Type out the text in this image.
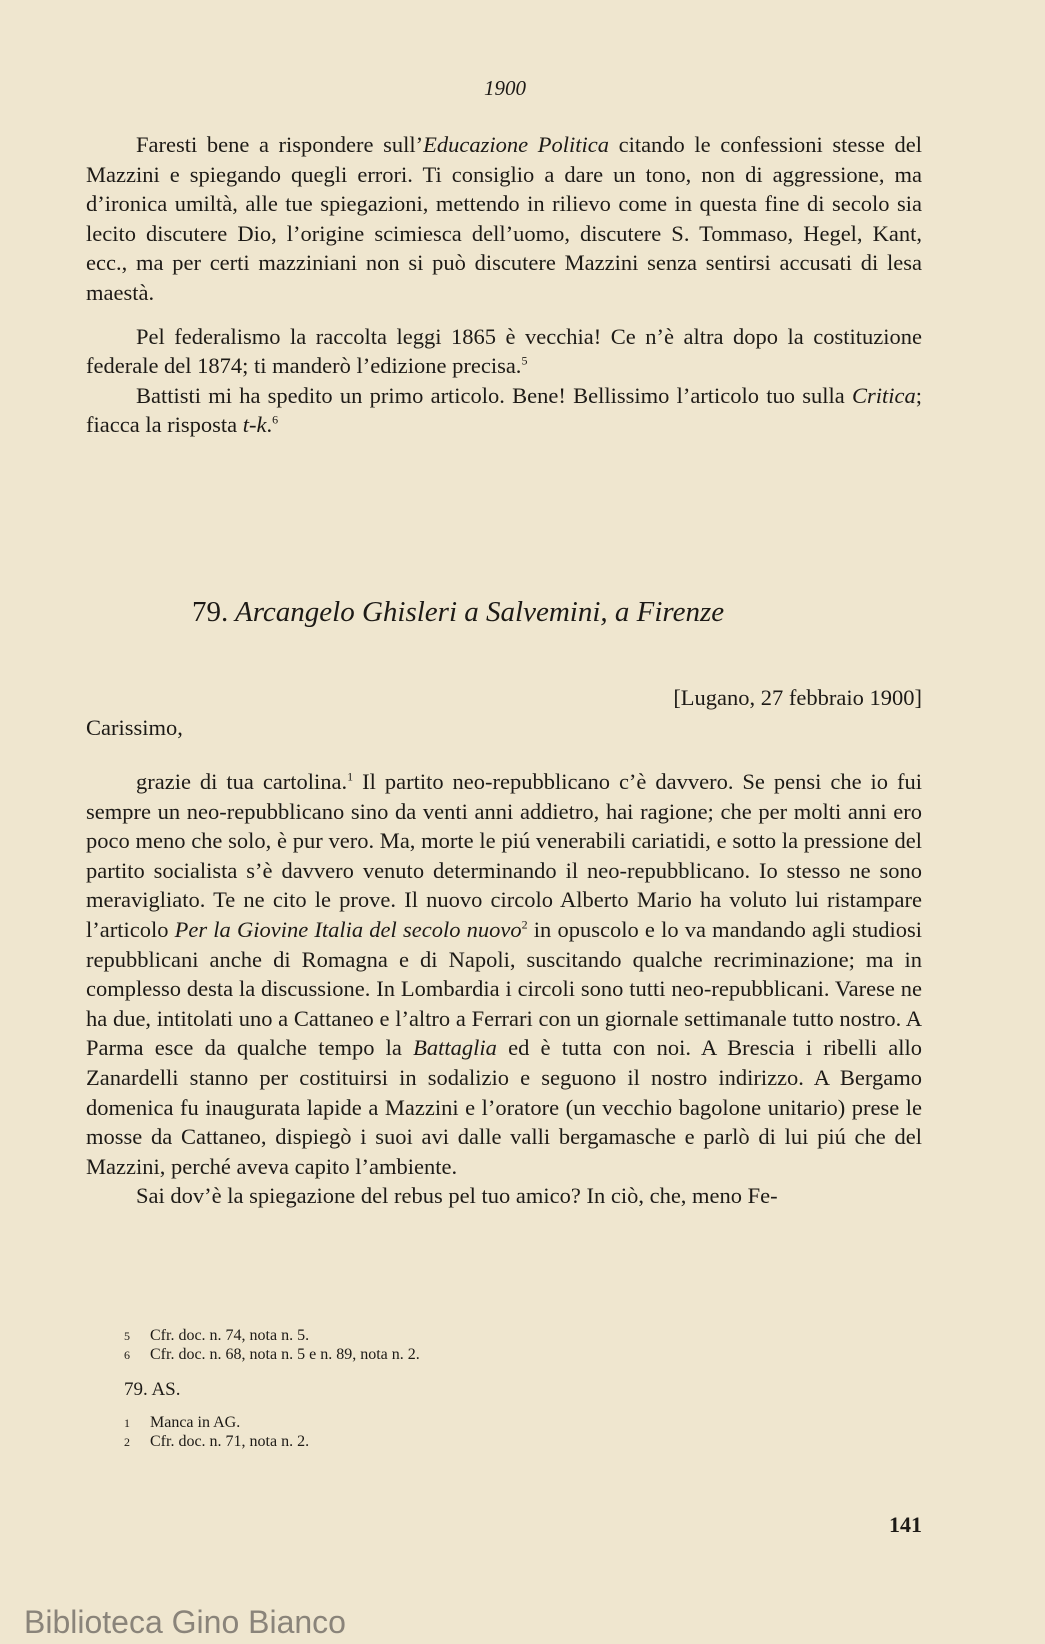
1900

Faresti bene a rispondere sull’Educazione Politica citando le confessioni stesse del Mazzini e spiegando quegli errori. Ti consiglio a dare un tono, non di aggressione, ma d’ironica umiltà, alle tue spiegazioni, mettendo in rilievo come in questa fine di secolo sia lecito discutere Dio, l’origine scimiesca dell’uomo, discutere S. Tommaso, Hegel, Kant, ecc., ma per certi mazziniani non si può discutere Mazzini senza sentirsi accusati di lesa maestà.

Pel federalismo la raccolta leggi 1865 è vecchia! Ce n’è altra dopo la costituzione federale del 1874; ti manderò l’edizione precisa.$^5$

Battisti mi ha spedito un primo articolo. Bene! Bellissimo l’articolo tuo sulla Critica; fiacca la risposta t-k.$^6$

79. Arcangelo Ghisleri a Salvemini, a Firenze
[Lugano, 27 febbraio 1900]
Carissimo,

grazie di tua cartolina.$^1$ Il partito neo-repubblicano c’è davvero. Se pensi che io fui sempre un neo-repubblicano sino da venti anni addietro, hai ragione; che per molti anni ero poco meno che solo, è pur vero. Ma, morte le piú venerabili cariatidi, e sotto la pressione del partito socialista s’è davvero venuto determinando il neo-repubblicano. Io stesso ne sono meravigliato. Te ne cito le prove. Il nuovo circolo Alberto Mario ha voluto lui ristampare l’articolo Per la Giovine Italia del secolo nuovo$^2$ in opuscolo e lo va mandando agli studiosi repubblicani anche di Romagna e di Napoli, suscitando qualche recriminazione; ma in complesso desta la discussione. In Lombardia i circoli sono tutti neo-repubblicani. Varese ne ha due, intitolati uno a Cattaneo e l’altro a Ferrari con un giornale settimanale tutto nostro. A Parma esce da qualche tempo la Battaglia ed è tutta con noi. A Brescia i ribelli allo Zanardelli stanno per costituirsi in sodalizio e seguono il nostro indirizzo. A Bergamo domenica fu inaugurata lapide a Mazzini e l’oratore (un vecchio bagolone unitario) prese le mosse da Cattaneo, dispiegò i suoi avi dalle valli bergamasche e parlò di lui piú che del Mazzini, perché aveva capito l’ambiente.

Sai dov’è la spiegazione del rebus pel tuo amico? In ciò, che, meno Fe-

5 Cfr. doc. n. 74, nota n. 5.
6 Cfr. doc. n. 68, nota n. 5 e n. 89, nota n. 2.
79. AS.
1 Manca in AG.
2 Cfr. doc. n. 71, nota n. 2.
141
Biblioteca Gino Bianco
